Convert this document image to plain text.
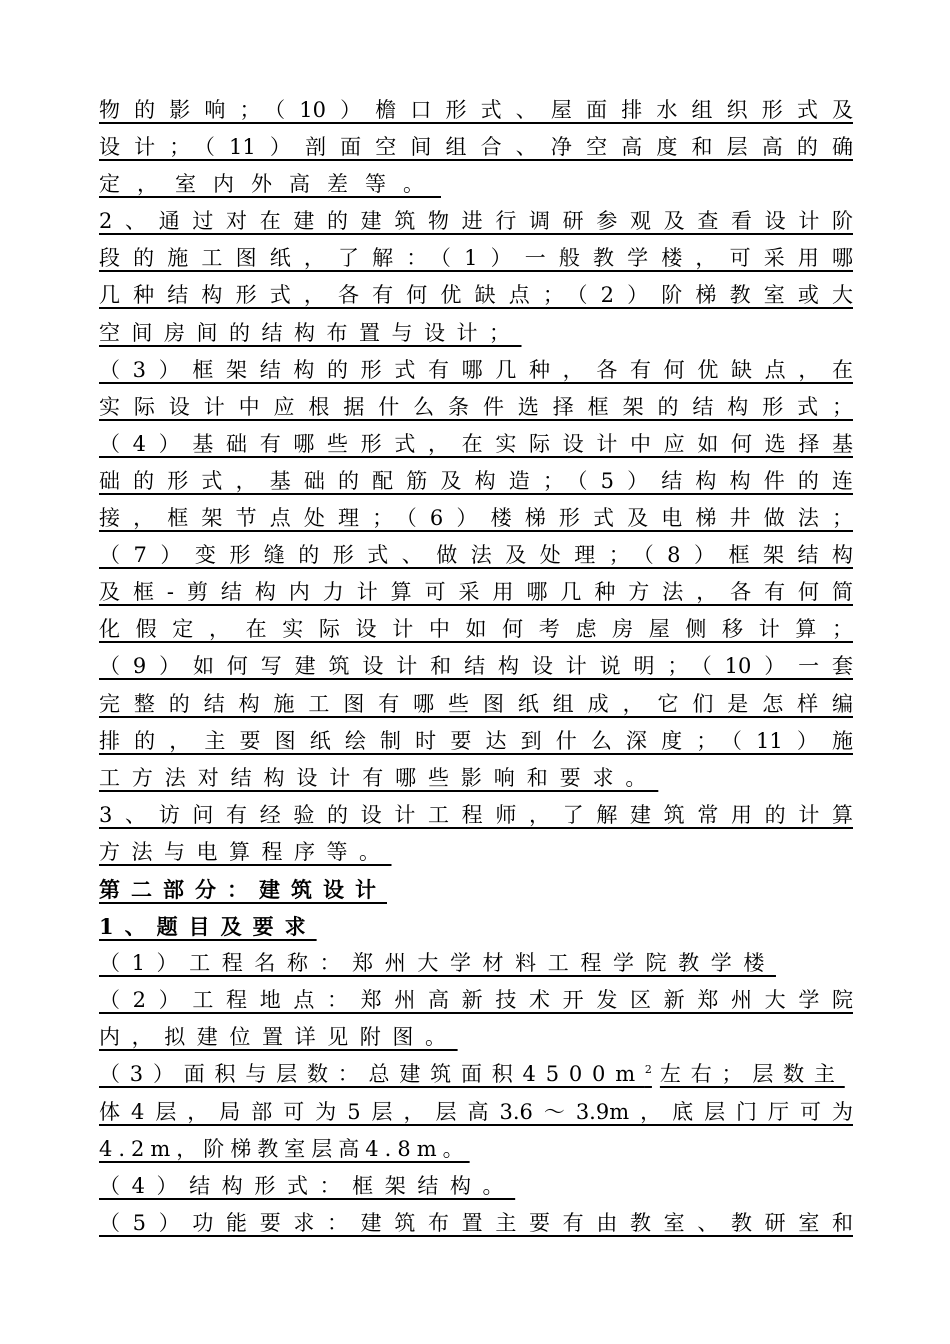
物的影响；（10）檐口形式、屋面排水组织形式及
设计；（11）剖面空间组合、净空高度和层高的确
定，室内外高差等。
2、通过对在建的建筑物进行调研参观及查看设计阶
段的施工图纸，了解：（1）一般教学楼，可采用哪
几种结构形式，各有何优缺点；（2）阶梯教室或大
空间房间的结构布置与设计；
（3）框架结构的形式有哪几种，各有何优缺点，在
实际设计中应根据什么条件选择框架的结构形式；
（4）基础有哪些形式，在实际设计中应如何选择基
础的形式，基础的配筋及构造；（5）结构构件的连
接，框架节点处理；（6）楼梯形式及电梯井做法；
（7）变形缝的形式、做法及处理；（8）框架结构
及框-剪结构内力计算可采用哪几种方法，各有何简
化假定，在实际设计中如何考虑房屋侧移计算；
（9）如何写建筑设计和结构设计说明；（10）一套
完整的结构施工图有哪些图纸组成，它们是怎样编
排的，主要图纸绘制时要达到什么深度；（11）施
工方法对结构设计有哪些影响和要求。
3、访问有经验的设计工程师，了解建筑常用的计算
方法与电算程序等。
第二部分：建筑设计
1、题目及要求
（1）工程名称：郑州大学材料工程学院教学楼
（2）工程地点：郑州高新技术开发区新郑州大学院
内，拟建位置详见附图。
（3）面积与层数：总建筑面积$4500m^2$ 左右；层数主
体4层，局部可为5层，层高3.6～3.9m，底层门厅可为
4.2m，阶梯教室层高4.8m。
（4）结构形式：框架结构。
（5）功能要求：建筑布置主要有由教室、教研室和
